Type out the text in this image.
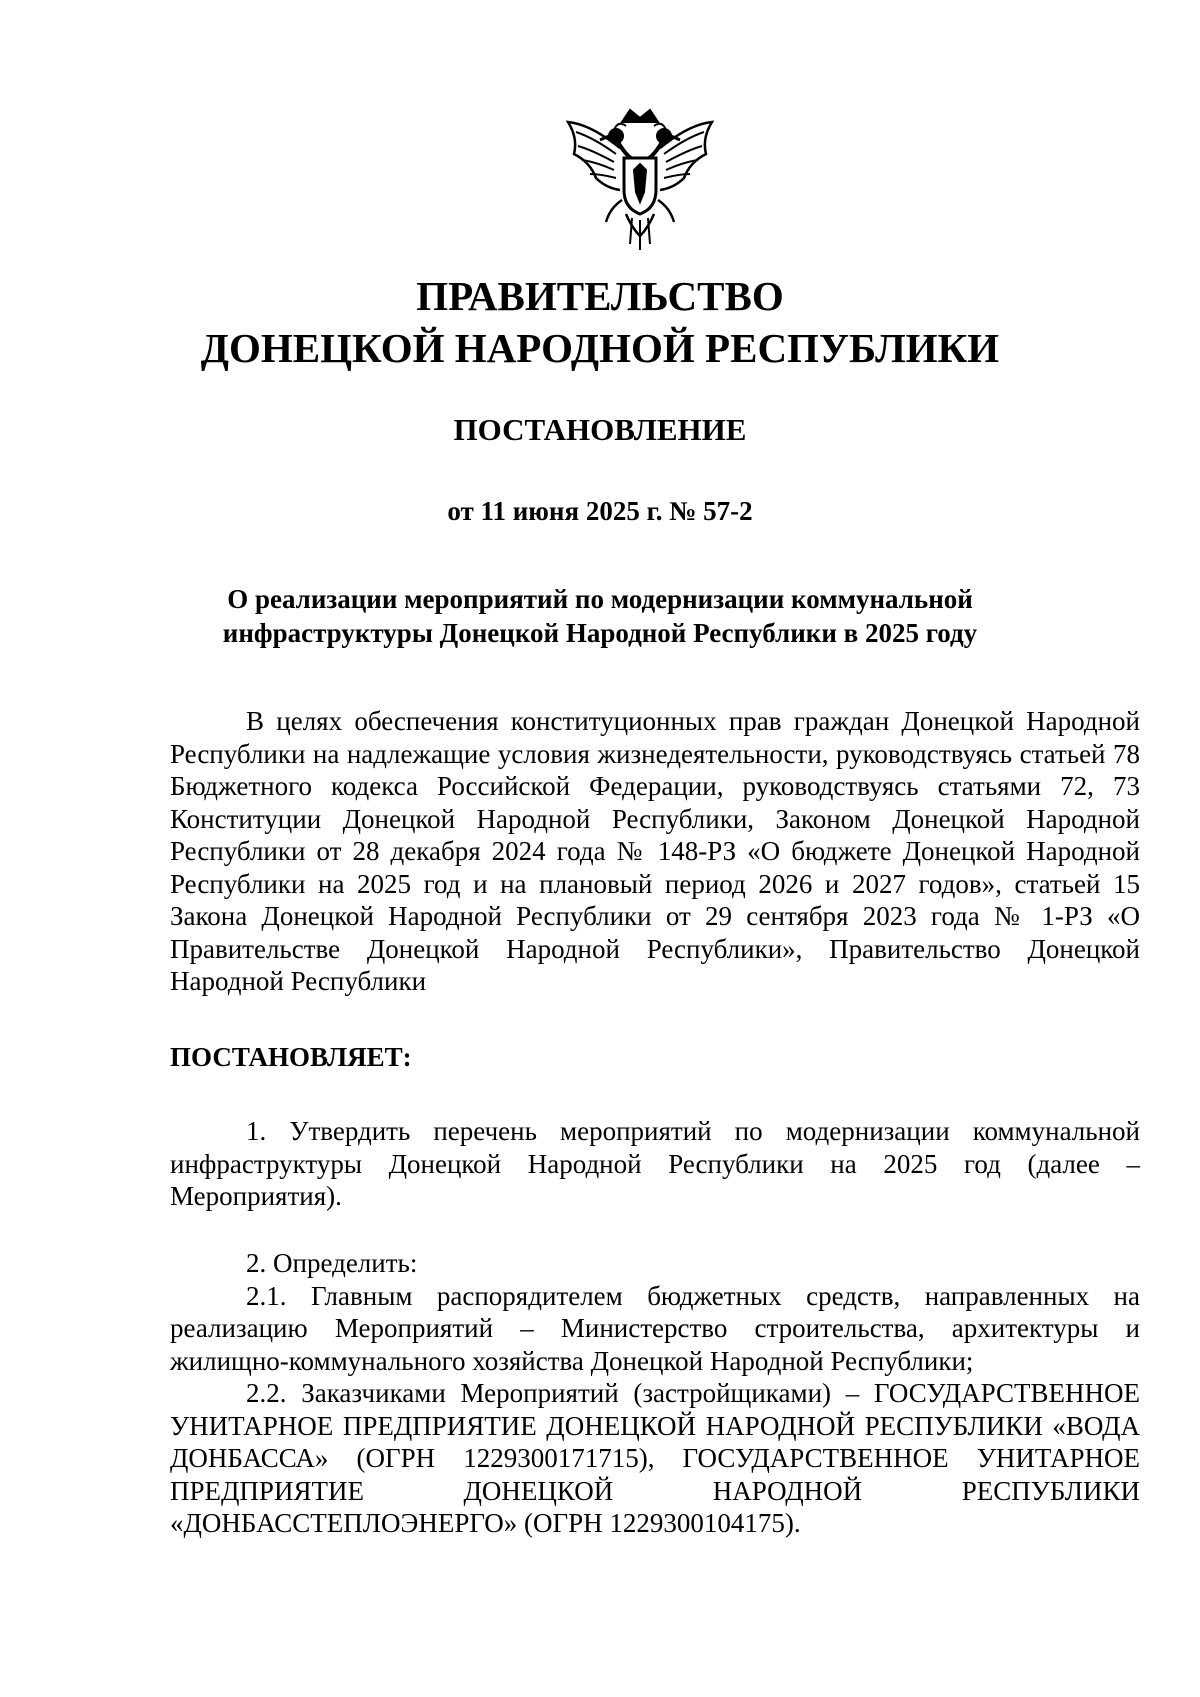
ПРАВИТЕЛЬСТВО
ДОНЕЦКОЙ НАРОДНОЙ РЕСПУБЛИКИ
ПОСТАНОВЛЕНИЕ
от 11 июня 2025 г. № 57-2
О реализации мероприятий по модернизации коммунальной
инфраструктуры Донецкой Народной Республики в 2025 году

В целях обеспечения конституционных прав граждан Донецкой Народной Республики на надлежащие условия жизнедеятельности, руководствуясь статьей 78 Бюджетного кодекса Российской Федерации, руководствуясь статьями 72, 73 Конституции Донецкой Народной Республики, Законом Донецкой Народной Республики от 28 декабря 2024 года № 148-РЗ «О бюджете Донецкой Народной Республики на 2025 год и на плановый период 2026 и 2027 годов», статьей 15 Закона Донецкой Народной Республики от 29 сентября 2023 года № 1-РЗ «О Правительстве Донецкой Народной Республики», Правительство Донецкой Народной Республики

ПОСТАНОВЛЯЕТ:

1. Утвердить перечень мероприятий по модернизации коммунальной инфраструктуры Донецкой Народной Республики на 2025 год (далее – Мероприятия).

2. Определить:

2.1. Главным распорядителем бюджетных средств, направленных на реализацию Мероприятий – Министерство строительства, архитектуры и жилищно-коммунального хозяйства Донецкой Народной Республики;

2.2. Заказчиками Мероприятий (застройщиками) – ГОСУДАРСТВЕННОЕ УНИТАРНОЕ ПРЕДПРИЯТИЕ ДОНЕЦКОЙ НАРОДНОЙ РЕСПУБЛИКИ «ВОДА ДОНБАССА» (ОГРН 1229300171715), ГОСУДАРСТВЕННОЕ УНИТАРНОЕ ПРЕДПРИЯТИЕ ДОНЕЦКОЙ НАРОДНОЙ РЕСПУБЛИКИ «ДОНБАССТЕПЛОЭНЕРГО» (ОГРН 1229300104175).
